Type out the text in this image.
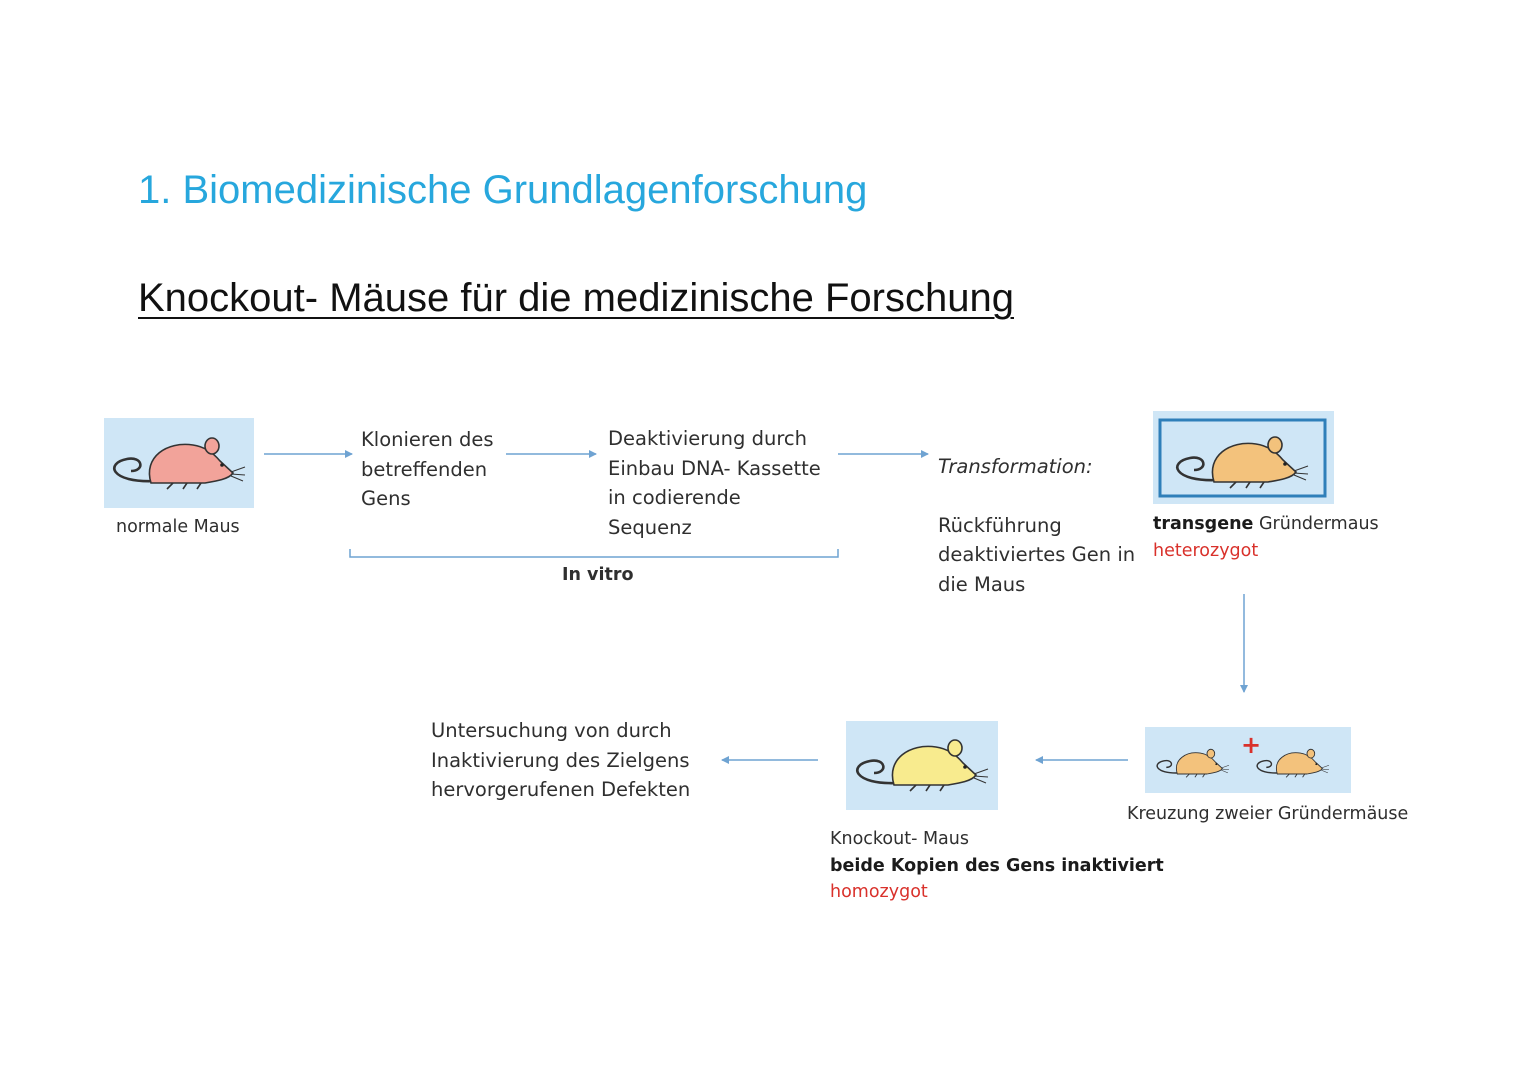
1. Biomedizinische Grundlagenforschung
Knockout- Mäuse für die medizinische Forschung
+
normale Maus
Klonieren des
betreffenden
Gens
Deaktivierung durch
Einbau DNA- Kassette
in codierende
Sequenz
In vitro

Transformation:

Rückführung
deaktiviertes Gen in
die Maus

transgene Gründermaus
heterozygot
Kreuzung zweier Gründermäuse
Knockout- Maus
beide Kopien des Gens inaktiviert
homozygot
Untersuchung von durch
Inaktivierung des Zielgens
hervorgerufenen Defekten
